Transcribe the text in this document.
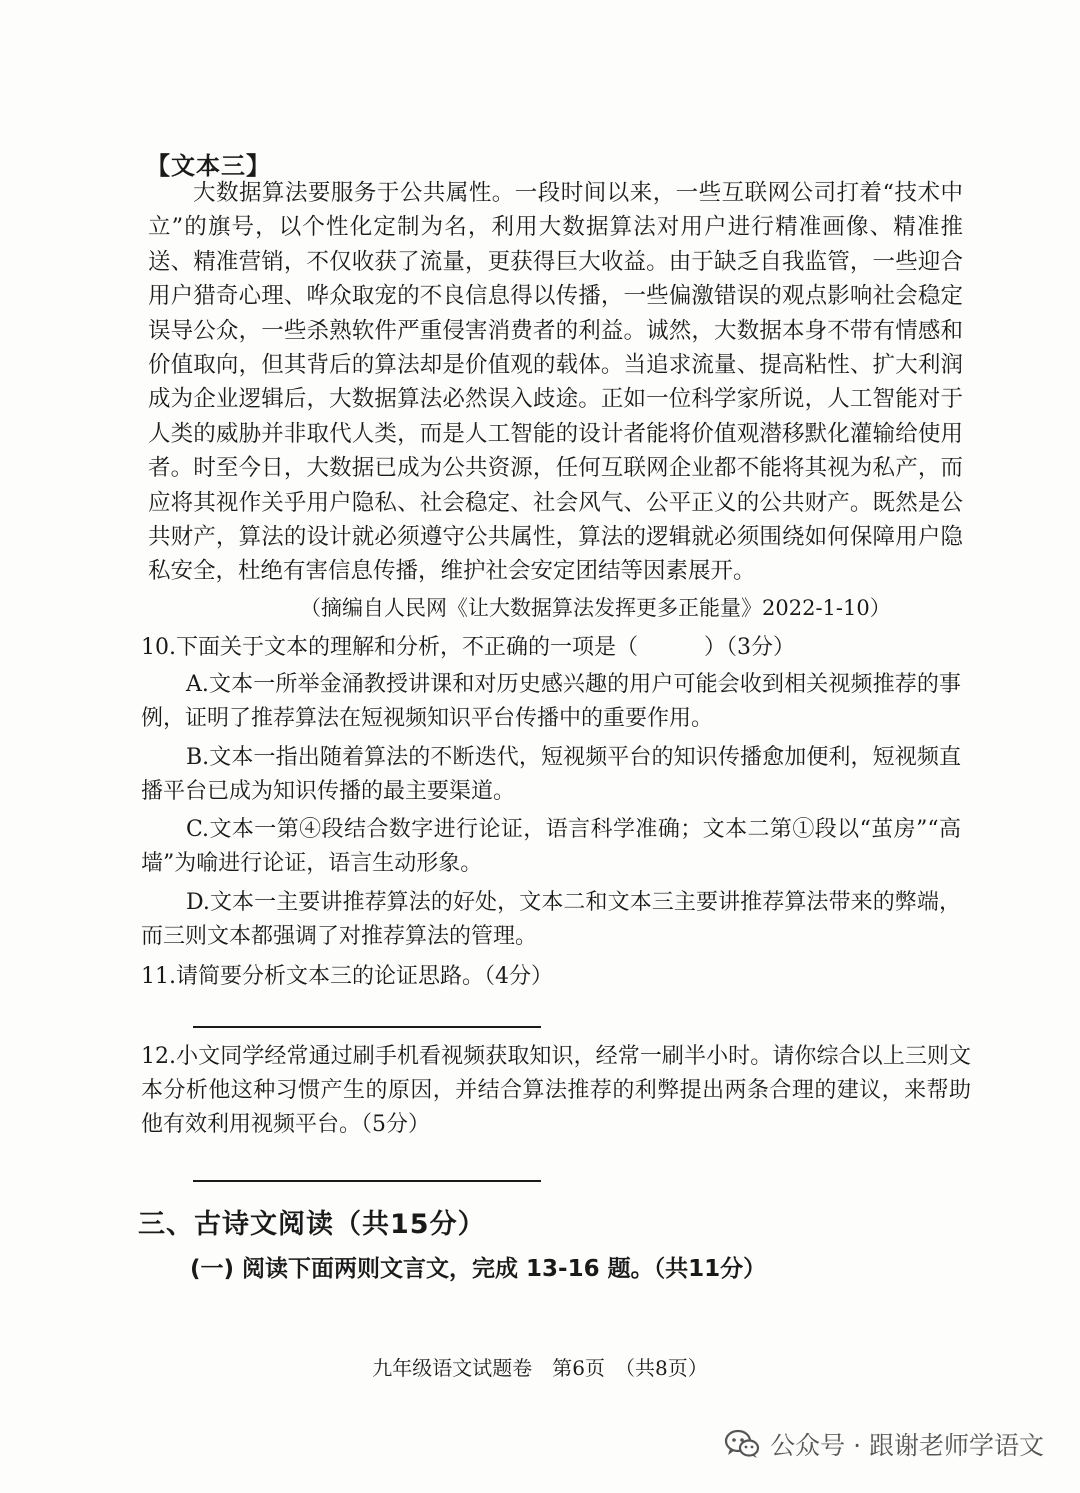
【文本三】
大数据算法要服务于公共属性。一段时间以来，一些互联网公司打着“技术中立”的旗号，以个性化定制为名，利用大数据算法对用户进行精准画像、精准推送、精准营销，不仅收获了流量，更获得巨大收益。由于缺乏自我监管，一些迎合用户猎奇心理、哗众取宠的不良信息得以传播，一些偏激错误的观点影响社会稳定误导公众，一些杀熟软件严重侵害消费者的利益。诚然，大数据本身不带有情感和价值取向，但其背后的算法却是价值观的载体。当追求流量、提高粘性、扩大利润成为企业逻辑后，大数据算法必然误入歧途。正如一位科学家所说，人工智能对于人类的威胁并非取代人类，而是人工智能的设计者能将价值观潜移默化灌输给使用者。时至今日，大数据已成为公共资源，任何互联网企业都不能将其视为私产，而应将其视作关乎用户隐私、社会稳定、社会风气、公平正义的公共财产。既然是公共财产，算法的设计就必须遵守公共属性，算法的逻辑就必须围绕如何保障用户隐私安全，杜绝有害信息传播，维护社会安定团结等因素展开。
（摘编自人民网《让大数据算法发挥更多正能量》2022-1-10）
10.下面关于文本的理解和分析，不正确的一项是（　　　）（3分）
A.文本一所举金涌教授讲课和对历史感兴趣的用户可能会收到相关视频推荐的事例，证明了推荐算法在短视频知识平台传播中的重要作用。
B.文本一指出随着算法的不断迭代，短视频平台的知识传播愈加便利，短视频直播平台已成为知识传播的最主要渠道。
C.文本一第④段结合数字进行论证，语言科学准确；文本二第①段以“茧房”“高墙”为喻进行论证，语言生动形象。
D.文本一主要讲推荐算法的好处，文本二和文本三主要讲推荐算法带来的弊端，而三则文本都强调了对推荐算法的管理。
11.请简要分析文本三的论证思路。（4分）
12.小文同学经常通过刷手机看视频获取知识，经常一刷半小时。请你综合以上三则文本分析他这种习惯产生的原因，并结合算法推荐的利弊提出两条合理的建议，来帮助他有效利用视频平台。（5分）
三、古诗文阅读（共15分）
(一) 阅读下面两则文言文，完成 13-16 题。（共11分）
九年级语文试题卷　第6页　（共8页）
公众号 · 跟谢老师学语文
